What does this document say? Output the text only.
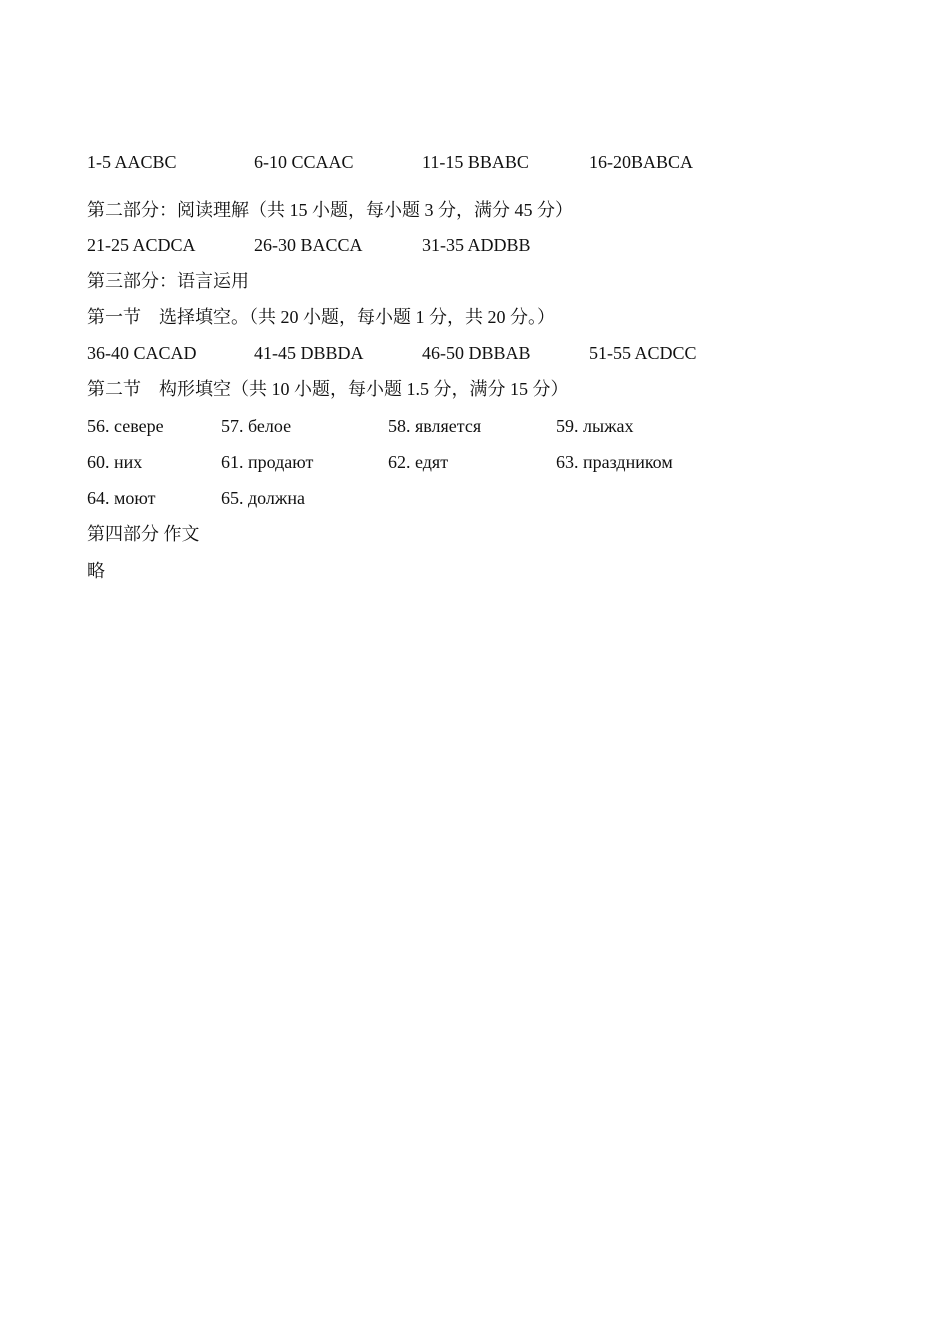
1-5 AACBC	6-10 CCAAC	11-15 BBABC	16-20BABCA
第二部分：阅读理解（共 15 小题，每小题 3 分，满分 45 分）
21-25 ACDCA	26-30 BACCA	31-35 ADDBB
第三部分：语言运用
第一节　选择填空。（共 20 小题，每小题 1 分，共 20 分。）
36-40 CACAD	41-45 DBBDA	46-50 DBBAB	51-55 ACDCC
第二节　构形填空（共 10 小题，每小题 1.5 分，满分 15 分）
56. севере	57. белое	58. является	59. лыжах
60. них	61. продают	62. едят	63. праздником
64. моют	65. должна
第四部分 作文
略
